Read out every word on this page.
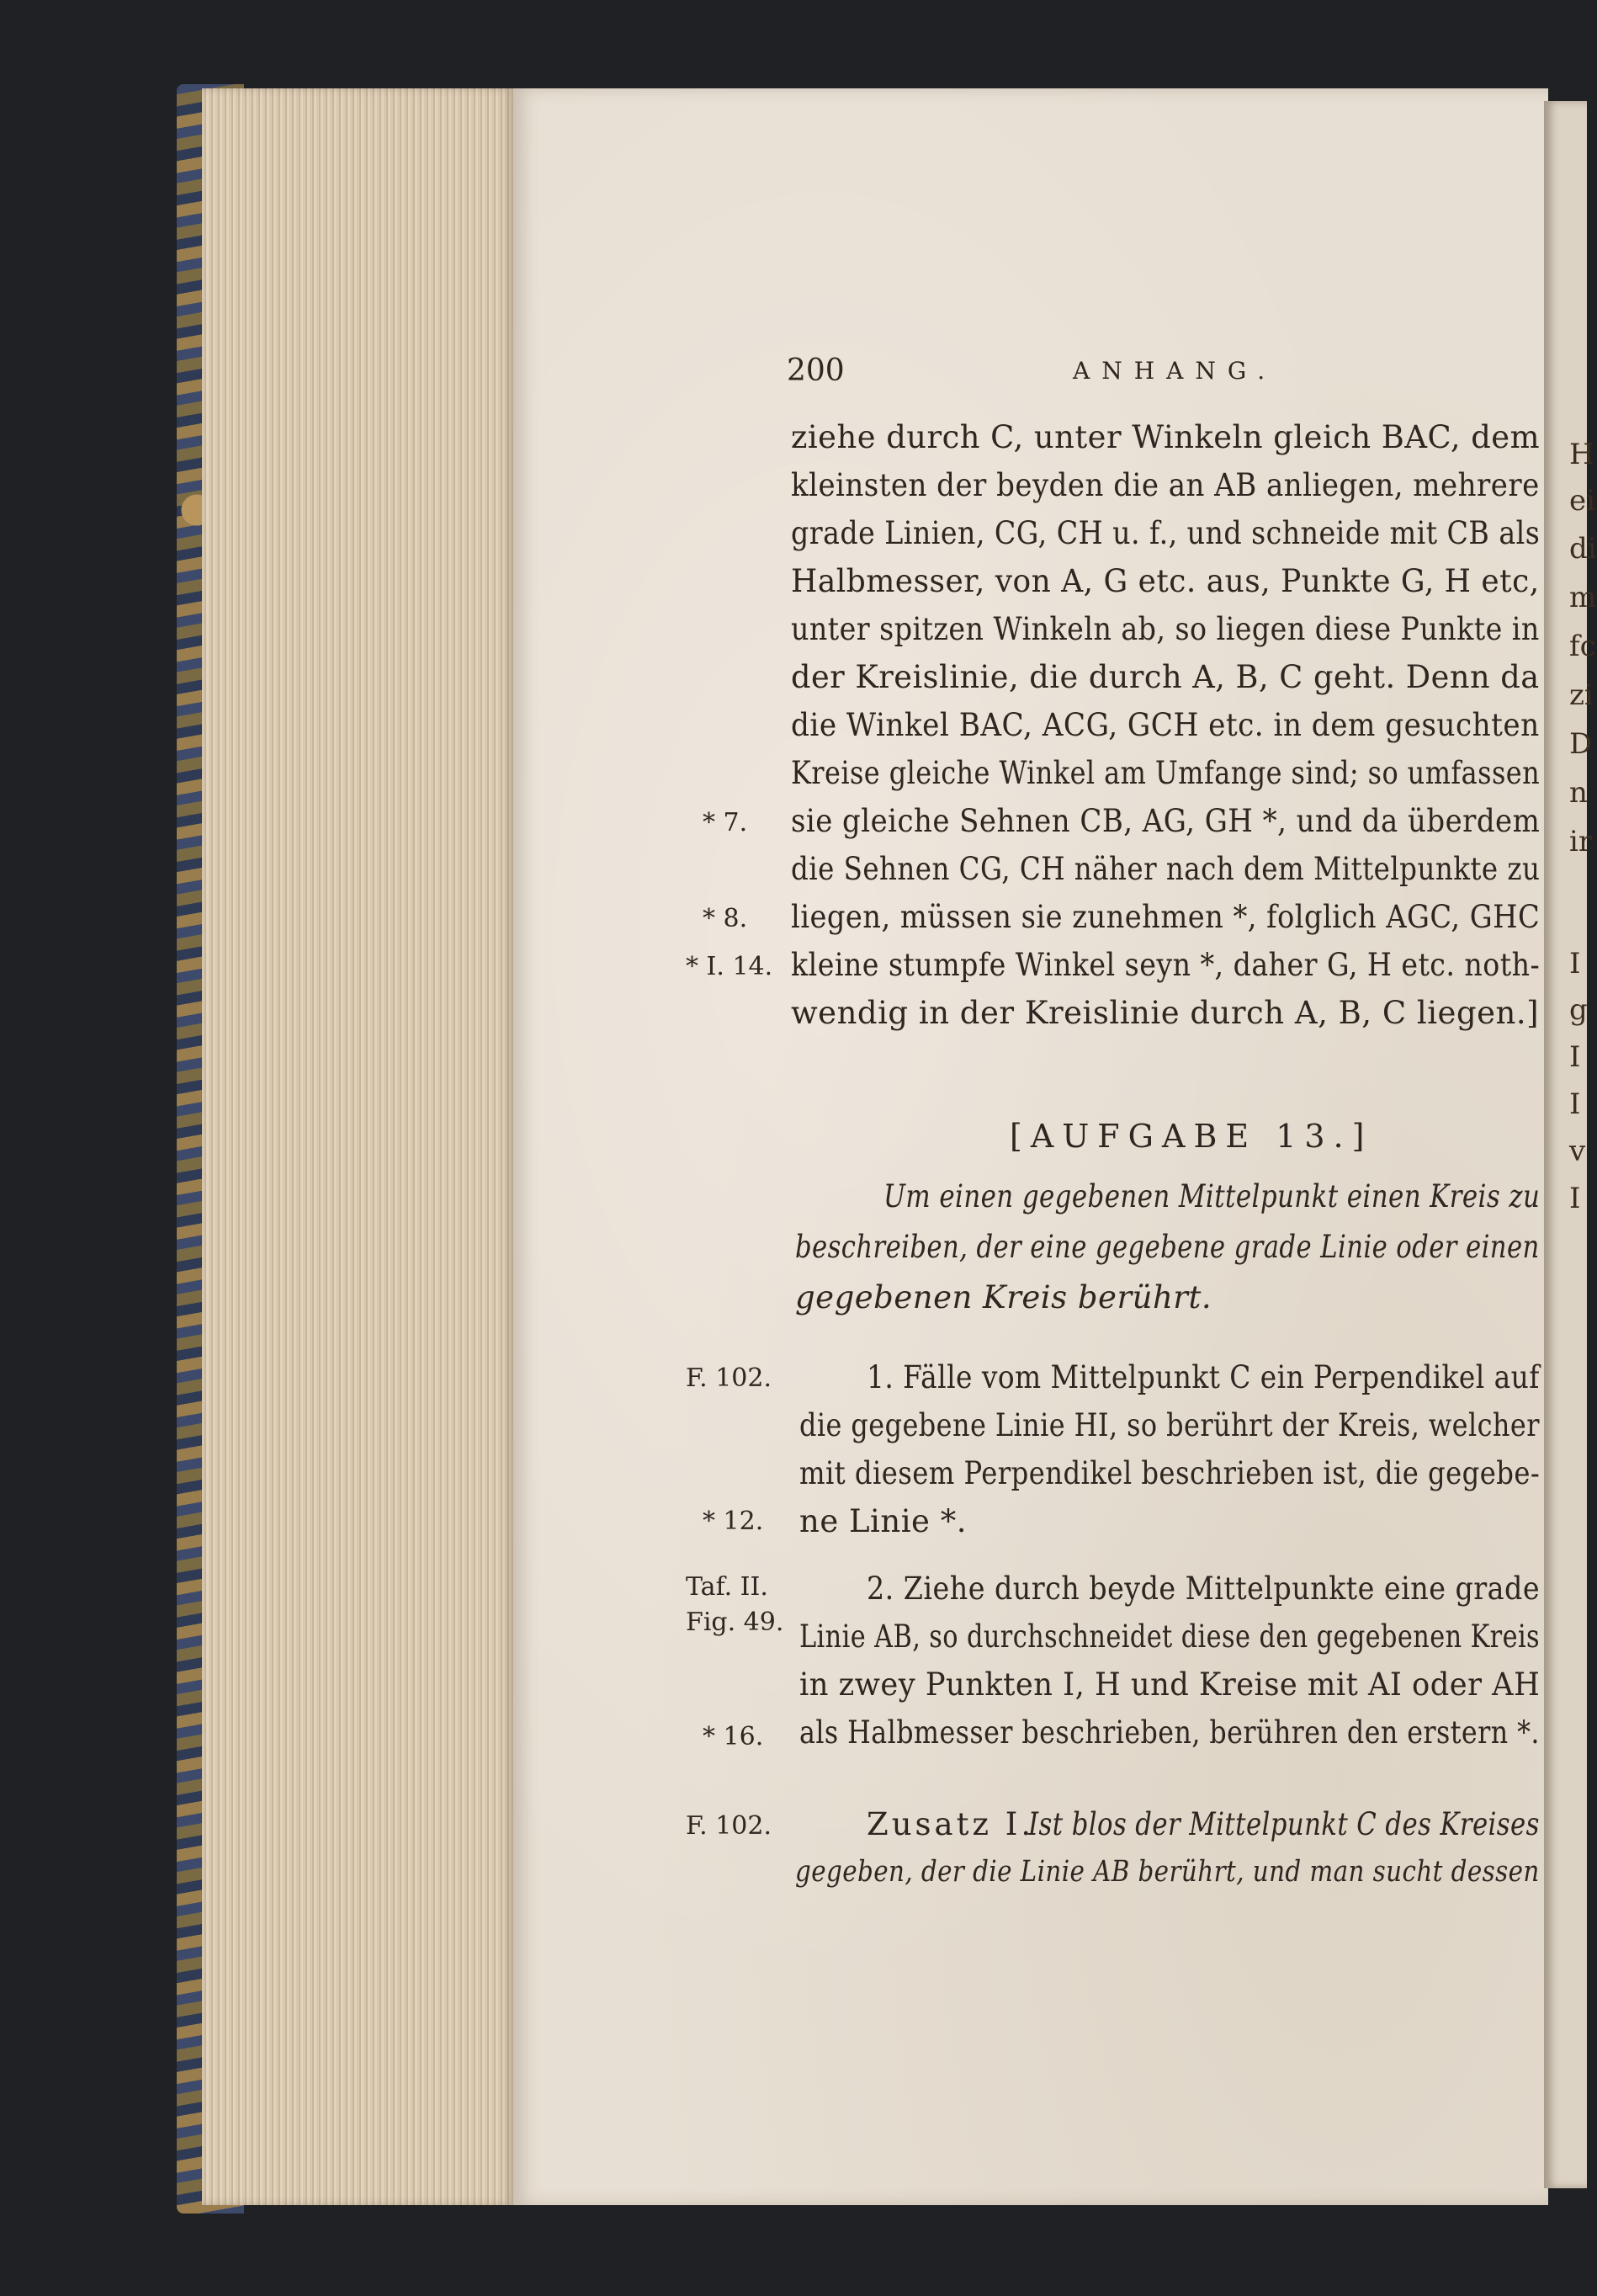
H
ei
di
m
fc
zi
D
n
ir
I
g
I
I
v
I
200	ANHANG.
ziehe durch C, unter Winkeln gleich BAC, dem
kleinsten der beyden die an AB anliegen, mehrere
grade Linien, CG, CH u. f., und schneide mit CB als
Halbmesser, von A, G etc. aus, Punkte G, H etc,
unter spitzen Winkeln ab, so liegen diese Punkte in
der Kreislinie, die durch A, B, C geht. Denn da
die Winkel BAC, ACG, GCH etc. in dem gesuchten
Kreise gleiche Winkel am Umfange sind; so umfassen
sie gleiche Sehnen CB, AG, GH *, und da überdem
die Sehnen CG, CH näher nach dem Mittelpunkte zu
liegen, müssen sie zunehmen *, folglich AGC, GHC
kleine stumpfe Winkel seyn *, daher G, H etc. noth-
wendig in der Kreislinie durch A, B, C liegen.]
* 7.
* 8.
* I. 14.
[AUFGABE 13.]
Um einen gegebenen Mittelpunkt einen Kreis zu
beschreiben, der eine gegebene grade Linie oder einen
gegebenen Kreis berührt.
F. 102.
* 12.
1. Fälle vom Mittelpunkt C ein Perpendikel auf
die gegebene Linie HI, so berührt der Kreis, welcher
mit diesem Perpendikel beschrieben ist, die gegebe-
ne Linie *.
Taf. II.
Fig. 49.
* 16.
2. Ziehe durch beyde Mittelpunkte eine grade
Linie AB, so durchschneidet diese den gegebenen Kreis
in zwey Punkten I, H und Kreise mit AI oder AH
als Halbmesser beschrieben, berühren den erstern *.
F. 102.	Zusatz I.
Ist blos der Mittelpunkt C des Kreises
gegeben, der die Linie AB berührt, und man sucht dessen
